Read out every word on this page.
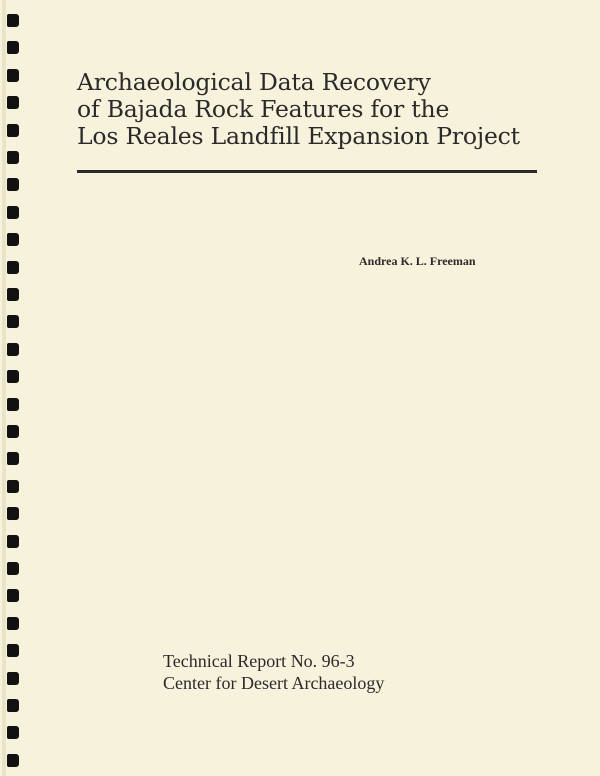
Archaeological Data Recovery
of Bajada Rock Features for the
Los Reales Landfill Expansion Project
Andrea K. L. Freeman
Technical Report No. 96-3
Center for Desert Archaeology
